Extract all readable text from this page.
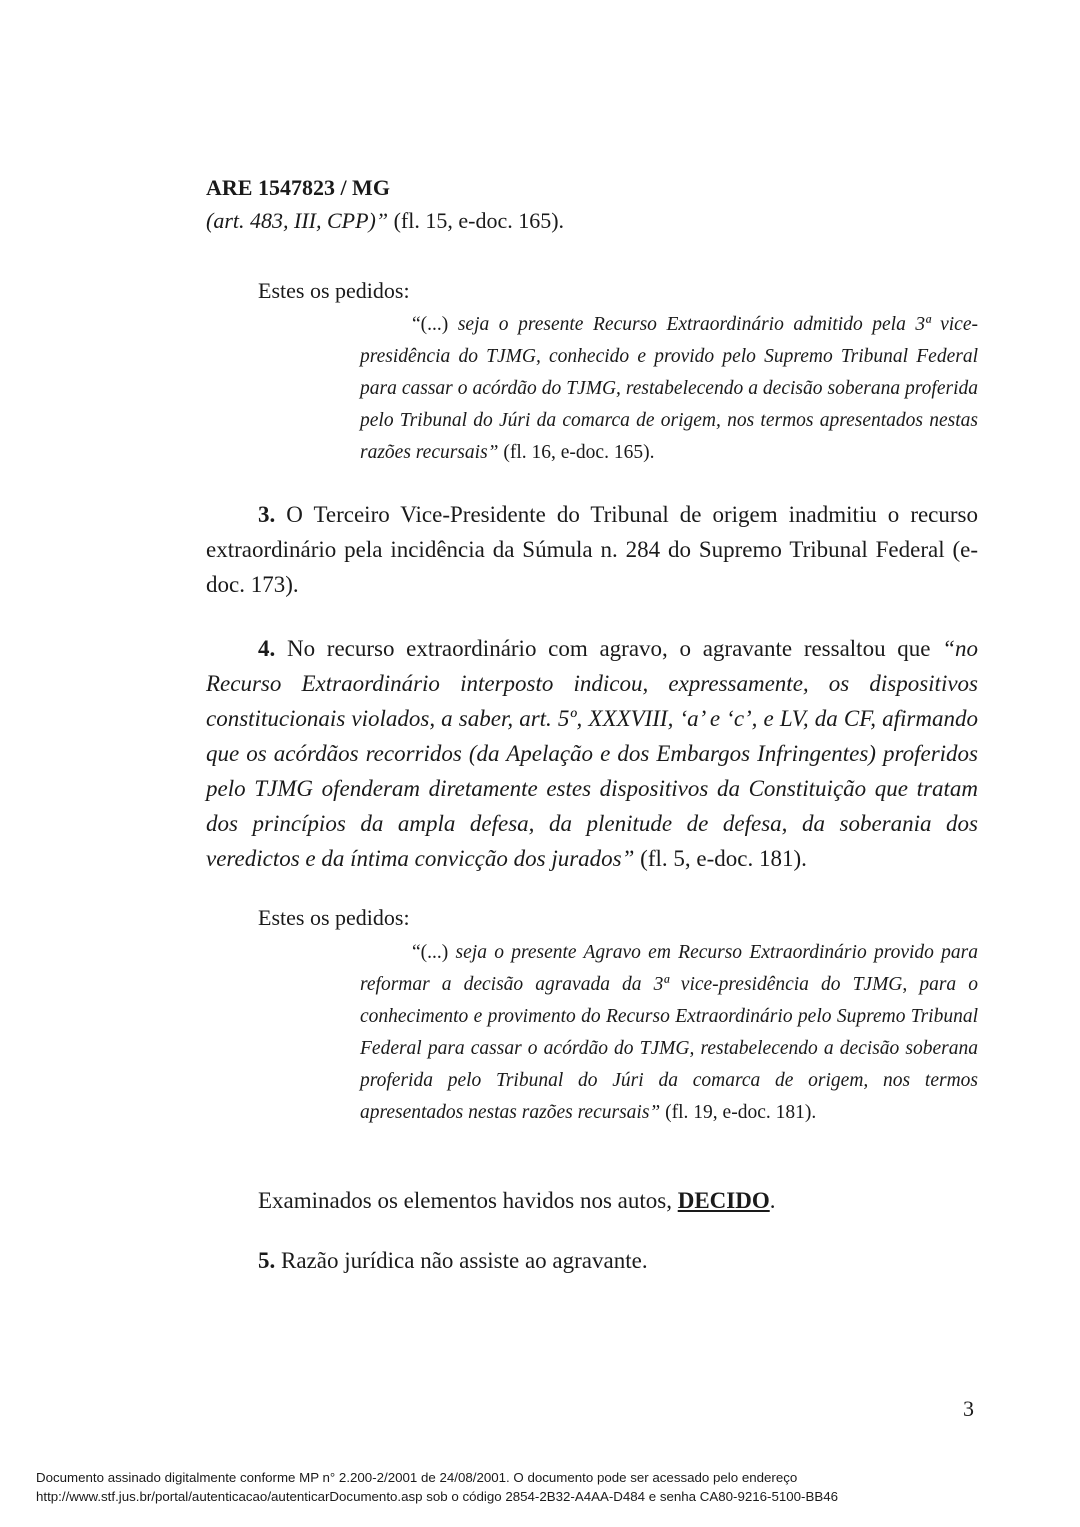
ARE 1547823 / MG
(art. 483, III, CPP)” (fl. 15, e-doc. 165).
Estes os pedidos:
“(...) seja o presente Recurso Extraordinário admitido pela 3ª vice-presidência do TJMG, conhecido e provido pelo Supremo Tribunal Federal para cassar o acórdão do TJMG, restabelecendo a decisão soberana proferida pelo Tribunal do Júri da comarca de origem, nos termos apresentados nestas razões recursais” (fl. 16, e-doc. 165).
3. O Terceiro Vice-Presidente do Tribunal de origem inadmitiu o recurso extraordinário pela incidência da Súmula n. 284 do Supremo Tribunal Federal (e-doc. 173).
4. No recurso extraordinário com agravo, o agravante ressaltou que “no Recurso Extraordinário interposto indicou, expressamente, os dispositivos constitucionais violados, a saber, art. 5º, XXXVIII, ‘a’ e ‘c’, e LV, da CF, afirmando que os acórdãos recorridos (da Apelação e dos Embargos Infringentes) proferidos pelo TJMG ofenderam diretamente estes dispositivos da Constituição que tratam dos princípios da ampla defesa, da plenitude de defesa, da soberania dos veredictos e da íntima convicção dos jurados” (fl. 5, e-doc. 181).
Estes os pedidos:
“(...) seja o presente Agravo em Recurso Extraordinário provido para reformar a decisão agravada da 3ª vice-presidência do TJMG, para o conhecimento e provimento do Recurso Extraordinário pelo Supremo Tribunal Federal para cassar o acórdão do TJMG, restabelecendo a decisão soberana proferida pelo Tribunal do Júri da comarca de origem, nos termos apresentados nestas razões recursais” (fl. 19, e-doc. 181).
Examinados os elementos havidos nos autos, DECIDO.
5. Razão jurídica não assiste ao agravante.
3
Documento assinado digitalmente conforme MP n° 2.200-2/2001 de 24/08/2001. O documento pode ser acessado pelo endereço
http://www.stf.jus.br/portal/autenticacao/autenticarDocumento.asp sob o código 2854-2B32-A4AA-D484 e senha CA80-9216-5100-BB46
